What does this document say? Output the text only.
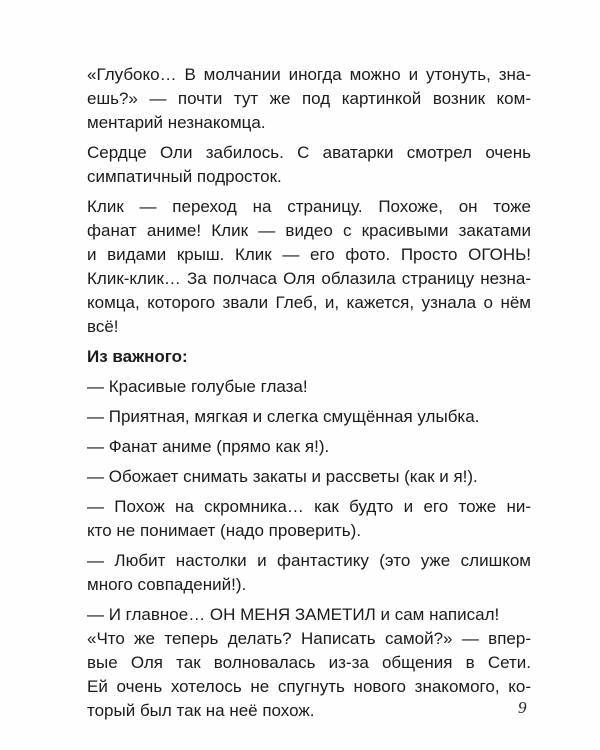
«Глубоко… В молчании иногда можно и утонуть, зна-
ешь?» — почти тут же под картинкой возник ком-
ментарий незнакомца.
Сердце Оли забилось. С аватарки смотрел очень
симпатичный подросток.
Клик — переход на страницу. Похоже, он тоже
фанат аниме! Клик — видео с красивыми закатами
и видами крыш. Клик — его фото. Просто ОГОНЬ!
Клик-клик… За полчаса Оля облазила страницу незна-
комца, которого звали Глеб, и, кажется, узнала о нём
всё!
Из важного:
— Красивые голубые глаза!
— Приятная, мягкая и слегка смущённая улыбка.
— Фанат аниме (прямо как я!).
— Обожает снимать закаты и рассветы (как и я!).
— Похож на скромника… как будто и его тоже ни-
кто не понимает (надо проверить).
— Любит настолки и фантастику (это уже слишком
много совпадений!).
— И главное… ОН МЕНЯ ЗАМЕТИЛ и сам написал!
«Что же теперь делать? Написать самой?» — впер-
вые Оля так волновалась из-за общения в Сети.
Ей очень хотелось не спугнуть нового знакомого, ко-
торый был так на неё похож.	9
